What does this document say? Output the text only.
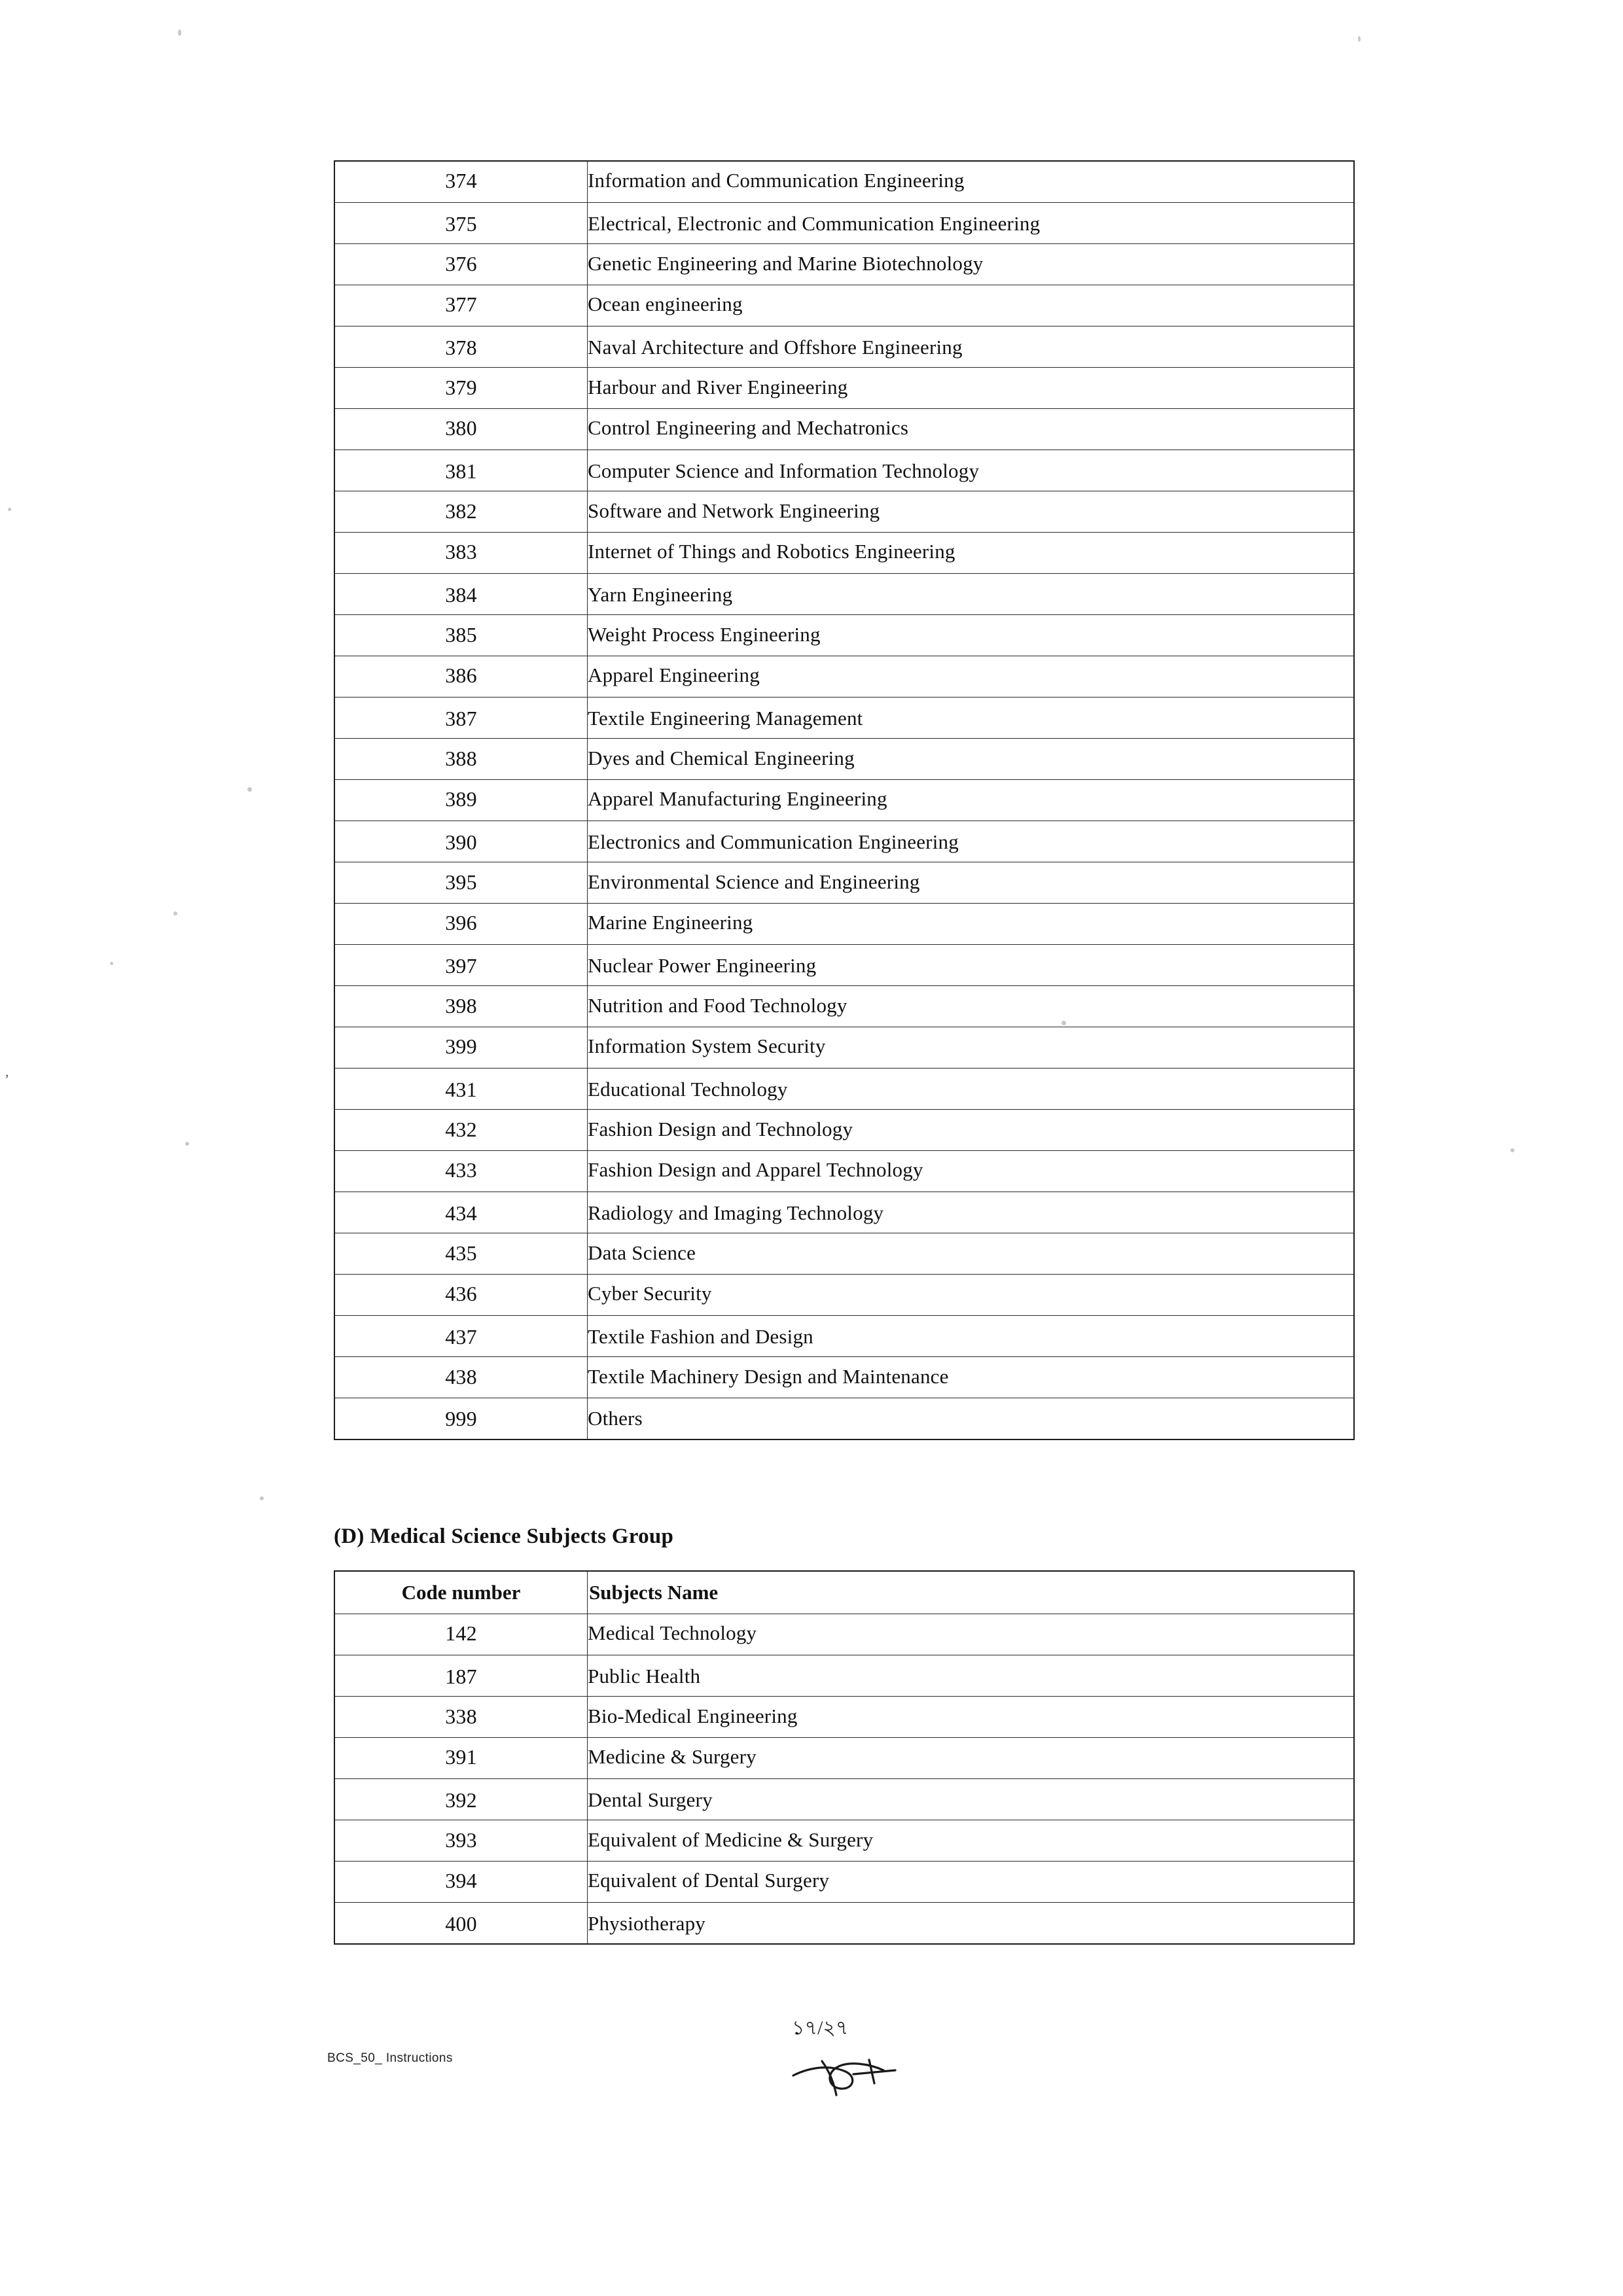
,
374	Information and Communication Engineering

375	Electrical, Electronic and Communication Engineering

376	Genetic Engineering and Marine Biotechnology

377	Ocean engineering

378	Naval Architecture and Offshore Engineering

379	Harbour and River Engineering

380	Control Engineering and Mechatronics

381	Computer Science and Information Technology

382	Software and Network Engineering

383	Internet of Things and Robotics Engineering

384	Yarn Engineering

385	Weight Process Engineering

386	Apparel Engineering

387	Textile Engineering Management

388	Dyes and Chemical Engineering

389	Apparel Manufacturing Engineering

390	Electronics and Communication Engineering

395	Environmental Science and Engineering

396	Marine Engineering

397	Nuclear Power Engineering

398	Nutrition and Food Technology

399	Information System Security

431	Educational Technology

432	Fashion Design and Technology

433	Fashion Design and Apparel Technology

434	Radiology and Imaging Technology

435	Data Science

436	Cyber Security

437	Textile Fashion and Design

438	Textile Machinery Design and Maintenance

999	Others
(D) Medical Science Subjects Group
Code number	Subjects Name

142	Medical Technology

187	Public Health

338	Bio-Medical Engineering

391	Medicine & Surgery

392	Dental Surgery

393	Equivalent of Medicine & Surgery

394	Equivalent of Dental Surgery

400	Physiotherapy
১৭/২৭
BCS_50_ Instructions
